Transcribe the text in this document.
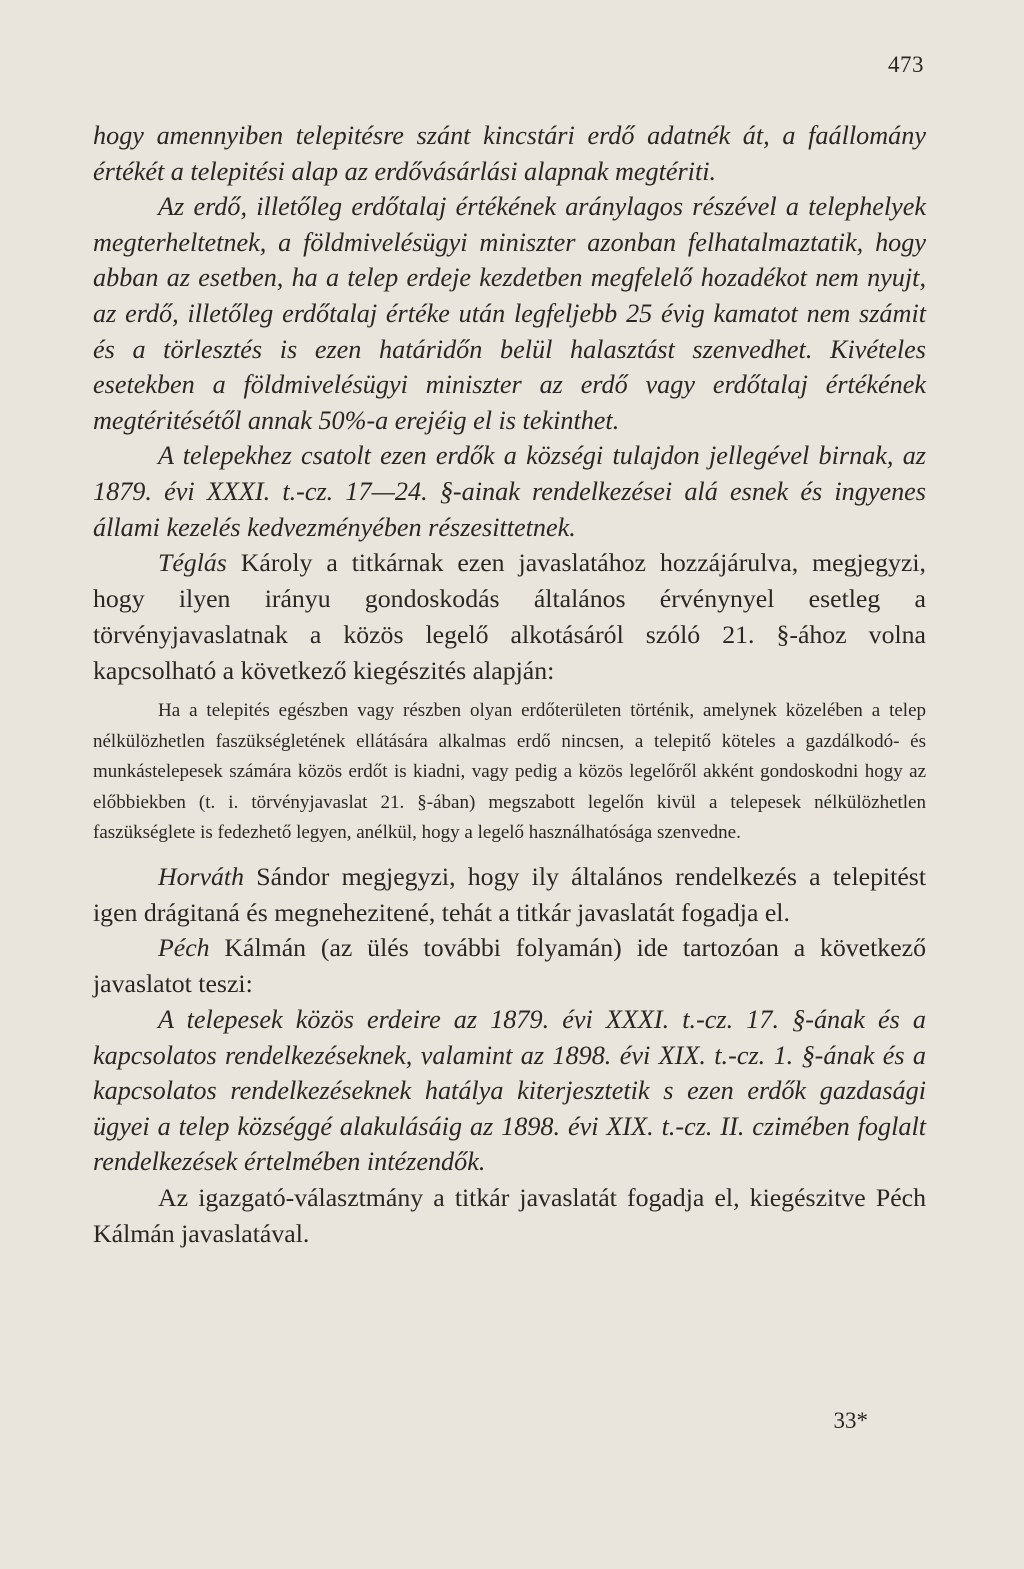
473

hogy amennyiben telepitésre szánt kincstári erdő adatnék át, a faállomány értékét a telepitési alap az erdővásárlási alapnak megtériti.

Az erdő, illetőleg erdőtalaj értékének aránylagos részével a telephelyek megterheltetnek, a földmivelésügyi miniszter azonban felhatalmaztatik, hogy abban az esetben, ha a telep erdeje kezdetben megfelelő hozadékot nem nyujt, az erdő, illetőleg erdőtalaj értéke után legfeljebb 25 évig kamatot nem számit és a törlesztés is ezen határidőn belül halasztást szenvedhet. Kivételes esetekben a földmivelésügyi miniszter az erdő vagy erdőtalaj értékének megtéritésétől annak 50%-a erejéig el is tekinthet.

A telepekhez csatolt ezen erdők a községi tulajdon jellegével birnak, az 1879. évi XXXI. t.-cz. 17—24. §-ainak rendelkezései alá esnek és ingyenes állami kezelés kedvezményében részesittetnek.

Téglás Károly a titkárnak ezen javaslatához hozzájárulva, megjegyzi, hogy ilyen irányu gondoskodás általános érvénynyel esetleg a törvényjavaslatnak a közös legelő alkotásáról szóló 21. §-ához volna kapcsolható a következő kiegészités alapján:

Ha a telepités egészben vagy részben olyan erdőterületen történik, amelynek közelében a telep nélkülözhetlen faszükségletének ellátására alkalmas erdő nincsen, a telepitő köteles a gazdálkodó- és munkástelepesek számára közös erdőt is kiadni, vagy pedig a közös legelőről akként gondoskodni hogy az előbbiekben (t. i. törvényjavaslat 21. §-ában) megszabott legelőn kivül a telepesek nélkülözhetlen faszükséglete is fedezhető legyen, anélkül, hogy a legelő használhatósága szenvedne.

Horváth Sándor megjegyzi, hogy ily általános rendelkezés a telepitést igen drágitaná és megnehezitené, tehát a titkár javaslatát fogadja el.

Péch Kálmán (az ülés további folyamán) ide tartozóan a következő javaslatot teszi:

A telepesek közös erdeire az 1879. évi XXXI. t.-cz. 17. §-ának és a kapcsolatos rendelkezéseknek, valamint az 1898. évi XIX. t.-cz. 1. §-ának és a kapcsolatos rendelkezéseknek hatálya kiterjesztetik s ezen erdők gazdasági ügyei a telep községgé alakulásáig az 1898. évi XIX. t.-cz. II. czimében foglalt rendelkezések értelmében intézendők.

Az igazgató-választmány a titkár javaslatát fogadja el, kiegészitve Péch Kálmán javaslatával.

33*
